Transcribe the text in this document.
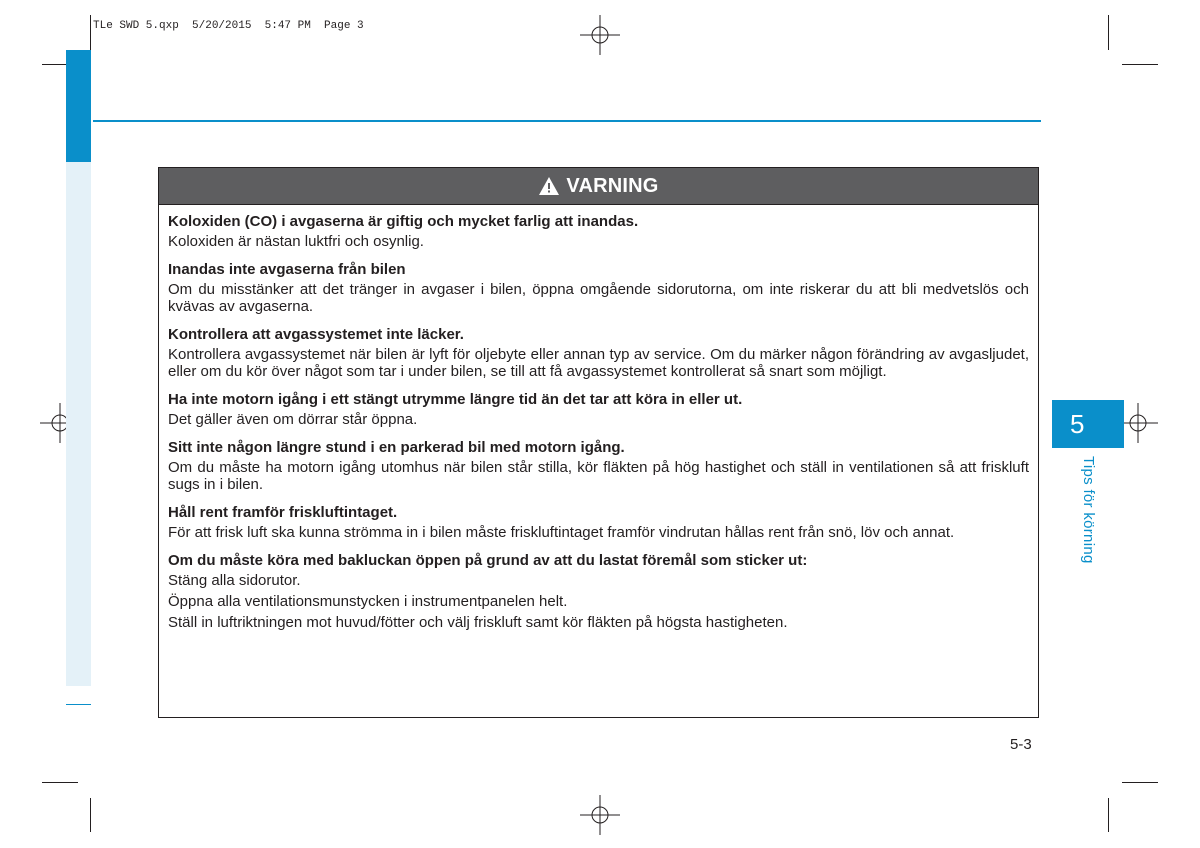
TLe SWD 5.qxp  5/20/2015  5:47 PM  Page 3
VARNING
Koloxiden (CO) i avgaserna är giftig och mycket farlig att inandas.

Koloxiden är nästan luktfri och osynlig.

Inandas inte avgaserna från bilen

Om du misstänker att det tränger in avgaser i bilen, öppna omgående sidorutorna, om inte riskerar du att bli medvetslös och kvävas av avgaserna.

Kontrollera att avgassystemet inte läcker.

Kontrollera avgassystemet när bilen är lyft för oljebyte eller annan typ av service. Om du märker någon förändring av avgasljudet, eller om du kör över något som tar i under bilen, se till att få avgassystemet kontrollerat så snart som möjligt.

Ha inte motorn igång i ett stängt utrymme längre tid än det tar att köra in eller ut.

Det gäller även om dörrar står öppna.

Sitt inte någon längre stund i en parkerad bil med motorn igång.

Om du måste ha motorn igång utomhus när bilen står stilla, kör fläkten på hög hastighet och ställ in ventilationen så att friskluft sugs in i bilen.

Håll rent framför friskluftintaget.

För att frisk luft ska kunna strömma in i bilen måste friskluftintaget framför vindrutan hållas rent från snö, löv och annat.

Om du måste köra med bakluckan öppen på grund av att du lastat föremål som sticker ut:

Stäng alla sidorutor.

Öppna alla ventilationsmunstycken i instrumentpanelen helt.

Ställ in luftriktningen mot huvud/fötter och välj friskluft samt kör fläkten på högsta hastigheten.

5
Tips för körning
5-3
